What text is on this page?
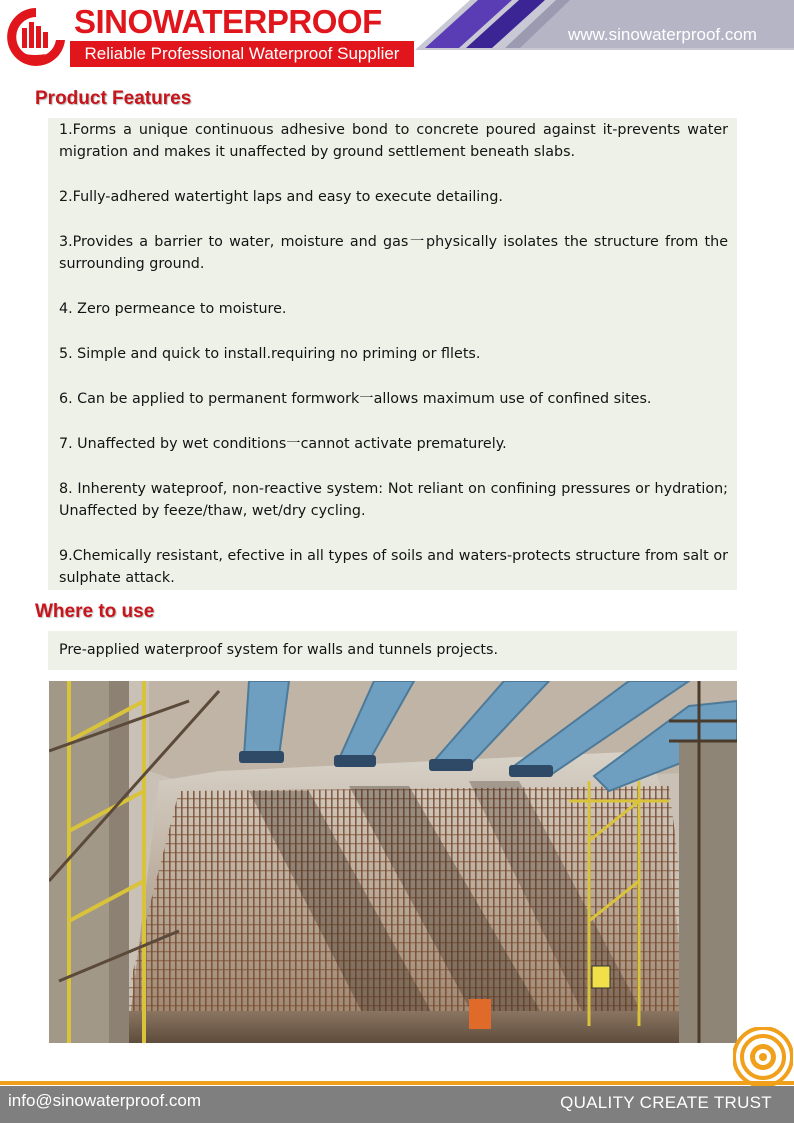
SINOWATERPROOF
Reliable Professional Waterproof Supplier
www.sinowaterproof.com
Product Features

1.Forms a unique continuous adhesive bond to concrete poured against it-prevents water migration and makes it unaffected by ground settlement beneath slabs.

2.Fully-adhered watertight laps and easy to execute detailing.

3.Provides a barrier to water, moisture and gas一physically isolates the structure from the surrounding ground.

4. Zero permeance to moisture.

5. Simple and quick to install.requiring no priming or fllets.

6. Can be applied to permanent formwork一allows maximum use of confined sites.

7. Unaffected by wet conditions一cannot activate prematurely.

8. Inherenty wateproof, non-reactive system: Not reliant on confining pressures or hydration; Unaffected by feeze/thaw, wet/dry cycling.

9.Chemically resistant, efective in all types of soils and waters-protects structure from salt or sulphate attack.

Where to use

Pre-applied waterproof system for walls and tunnels projects.

info@sinowaterproof.com	QUALITY CREATE TRUST
